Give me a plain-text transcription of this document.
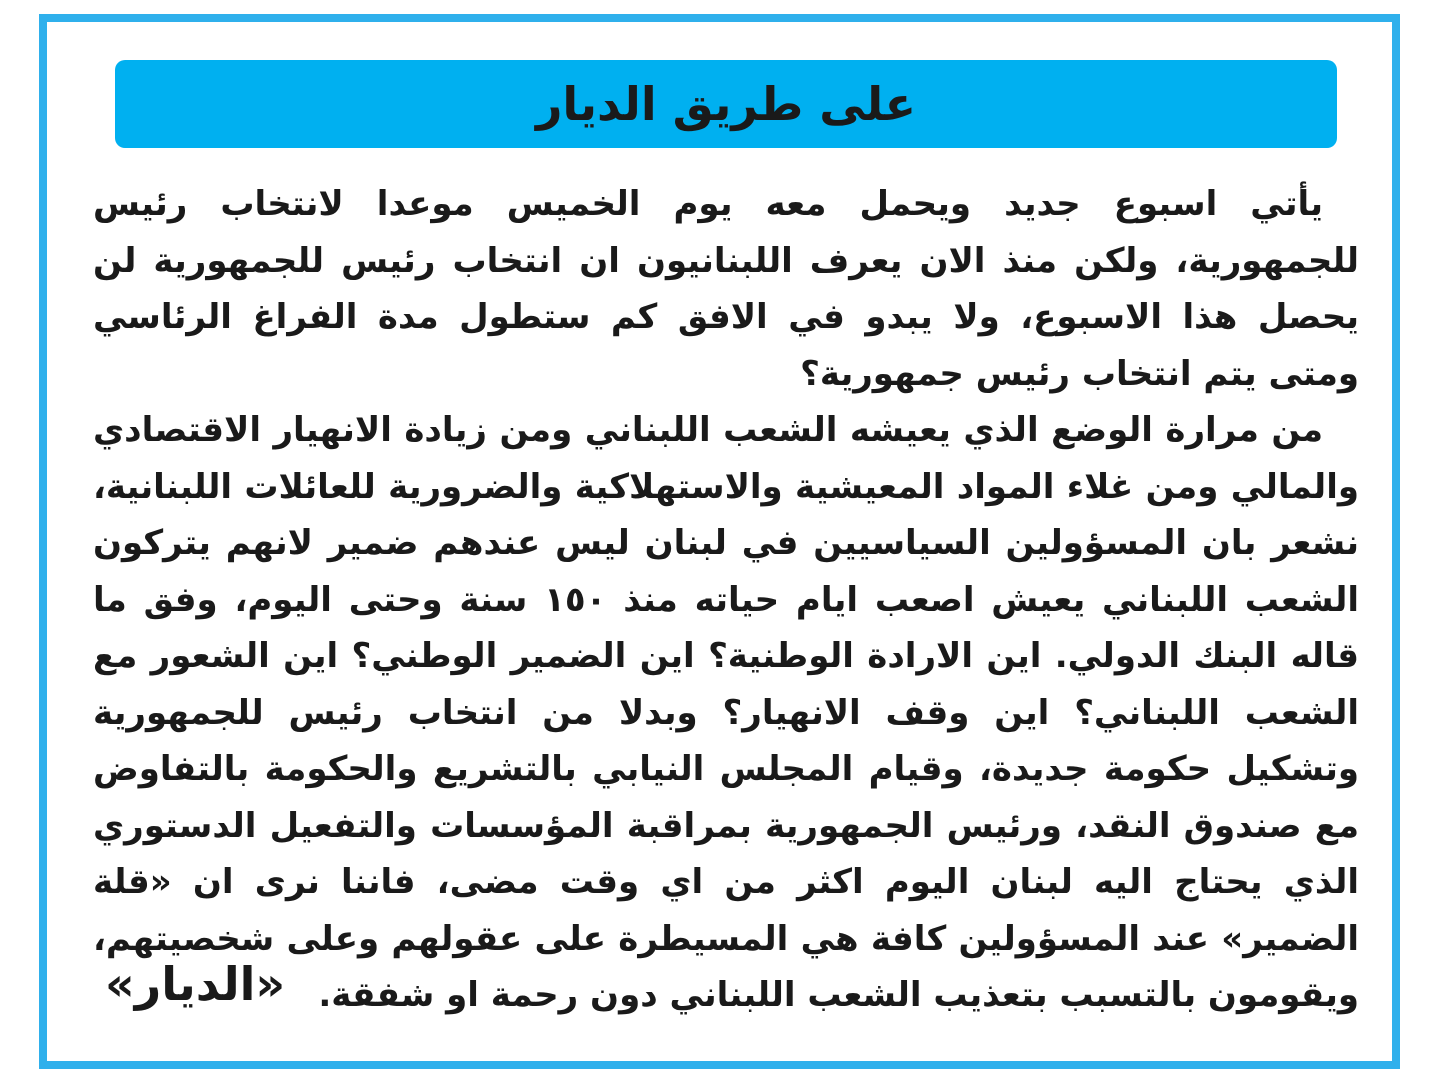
على طريق الديار

يأتي اسبوع جديد ويحمل معه يوم الخميس موعدا لانتخاب رئيس للجمهورية، ولكن منذ الان يعرف اللبنانيون ان انتخاب رئيس للجمهورية لن يحصل هذا الاسبوع، ولا يبدو في الافق كم ستطول مدة الفراغ الرئاسي ومتى يتم انتخاب رئيس جمهورية؟

من مرارة الوضع الذي يعيشه الشعب اللبناني ومن زيادة الانهيار الاقتصادي والمالي ومن غلاء المواد المعيشية والاستهلاكية والضرورية للعائلات اللبنانية، نشعر بان المسؤولين السياسيين في لبنان ليس عندهم ضمير لانهم يتركون الشعب اللبناني يعيش اصعب ايام حياته منذ ١٥٠ سنة وحتى اليوم، وفق ما قاله البنك الدولي. اين الارادة الوطنية؟ اين الضمير الوطني؟ اين الشعور مع الشعب اللبناني؟ اين وقف الانهيار؟ وبدلا من انتخاب رئيس للجمهورية وتشكيل حكومة جديدة، وقيام المجلس النيابي بالتشريع والحكومة بالتفاوض مع صندوق النقد، ورئيس الجمهورية بمراقبة المؤسسات والتفعيل الدستوري الذي يحتاج اليه لبنان اليوم اكثر من اي وقت مضى، فاننا نرى ان «قلة الضمير» عند المسؤولين كافة هي المسيطرة على عقولهم وعلى شخصيتهم، ويقومون بالتسبب بتعذيب الشعب اللبناني دون رحمة او شفقة.

«الديار»
